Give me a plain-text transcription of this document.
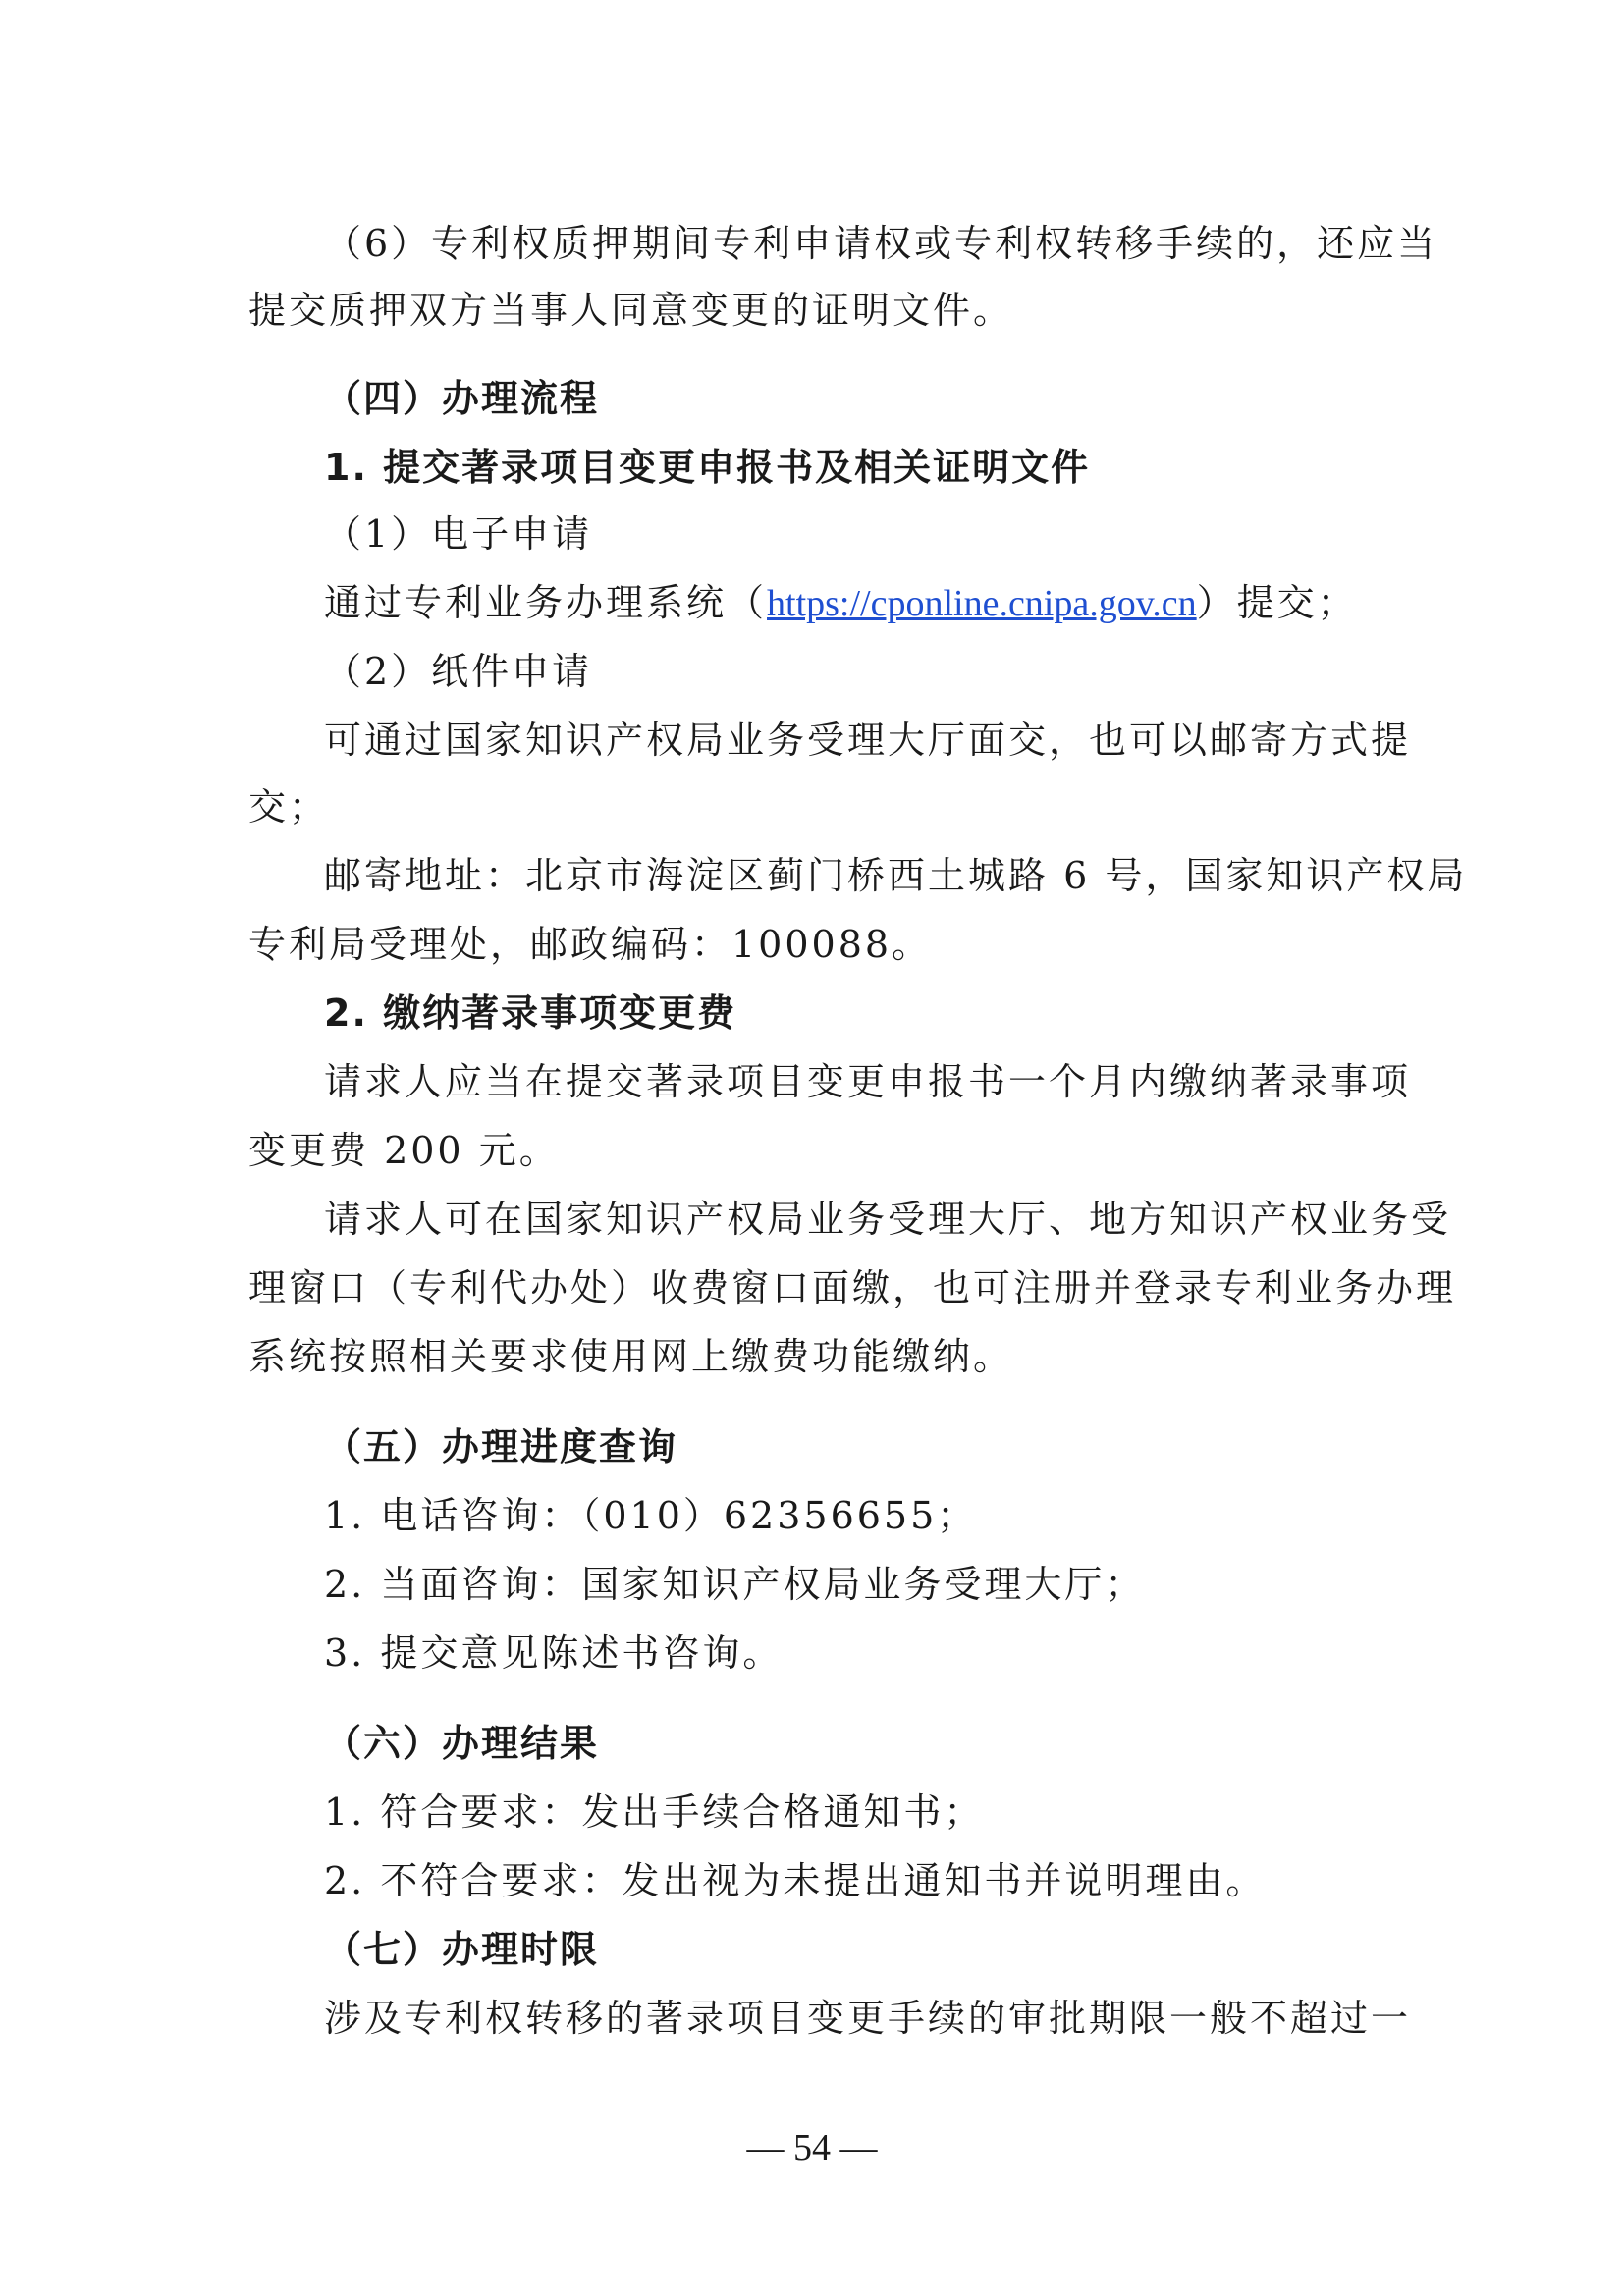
（6）专利权质押期间专利申请权或专利权转移手续的，还应当
提交质押双方当事人同意变更的证明文件。
（四）办理流程
1. 提交著录项目变更申报书及相关证明文件
（1）电子申请
通过专利业务办理系统（https://cponline.cnipa.gov.cn）提交；
（2）纸件申请
可通过国家知识产权局业务受理大厅面交，也可以邮寄方式提
交；
邮寄地址：北京市海淀区蓟门桥西土城路 6 号，国家知识产权局
专利局受理处，邮政编码：100088。
2. 缴纳著录事项变更费
请求人应当在提交著录项目变更申报书一个月内缴纳著录事项
变更费 200 元。
请求人可在国家知识产权局业务受理大厅、地方知识产权业务受
理窗口（专利代办处）收费窗口面缴，也可注册并登录专利业务办理
系统按照相关要求使用网上缴费功能缴纳。
（五）办理进度查询
1. 电话咨询：（010）62356655；
2. 当面咨询：国家知识产权局业务受理大厅；
3. 提交意见陈述书咨询。
（六）办理结果
1. 符合要求：发出手续合格通知书；
2. 不符合要求：发出视为未提出通知书并说明理由。
（七）办理时限
涉及专利权转移的著录项目变更手续的审批期限一般不超过一
— 54 —
